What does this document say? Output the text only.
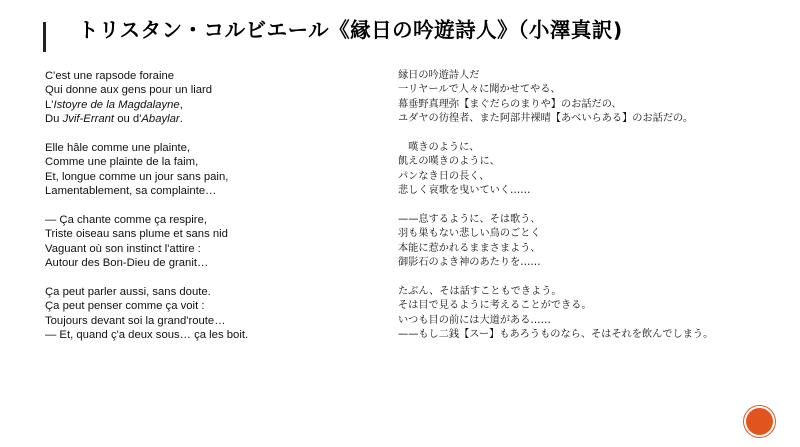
トリスタン・コルビエール《縁日の吟遊詩人》（小澤真訳)
C'est une rapsode foraine
Qui donne aux gens pour un liard
L'Istoyre de la Magdalayne,
Du Jvif-Errant ou d'Abaylar.
Elle hâle comme une plainte,
Comme une plainte de la faim,
Et, longue comme un jour sans pain,
Lamentablement, sa complainte…
— Ça chante comme ça respire,
Triste oiseau sans plume et sans nid
Vaguant où son instinct l'attire :
Autour des Bon-Dieu de granit…
Ça peut parler aussi, sans doute.
Ça peut penser comme ça voit :
Toujours devant soi la grand'route…
— Et, quand ç'a deux sous… ça les boit.
縁日の吟遊詩人だ
一リヤールで人々に聞かせてやる、
幕垂野真理弥【まぐだらのまりや】のお話だの、
ユダヤの彷徨者、また阿部井裸晴【あべいらある】のお話だの。
　嘆きのように、
飢えの嘆きのように、
パンなき日の長く、
悲しく哀歌を曳いていく……
——息するように、そは歌う、
羽も巣もない悲しい鳥のごとく
本能に惹かれるままさまよう、
御影石のよき神のあたりを……
たぶん、そは話すこともできよう。
そは目で見るように考えることができる。
いつも目の前には大道がある……
——もし二銭【スー】もあろうものなら、そはそれを飲んでしまう。
